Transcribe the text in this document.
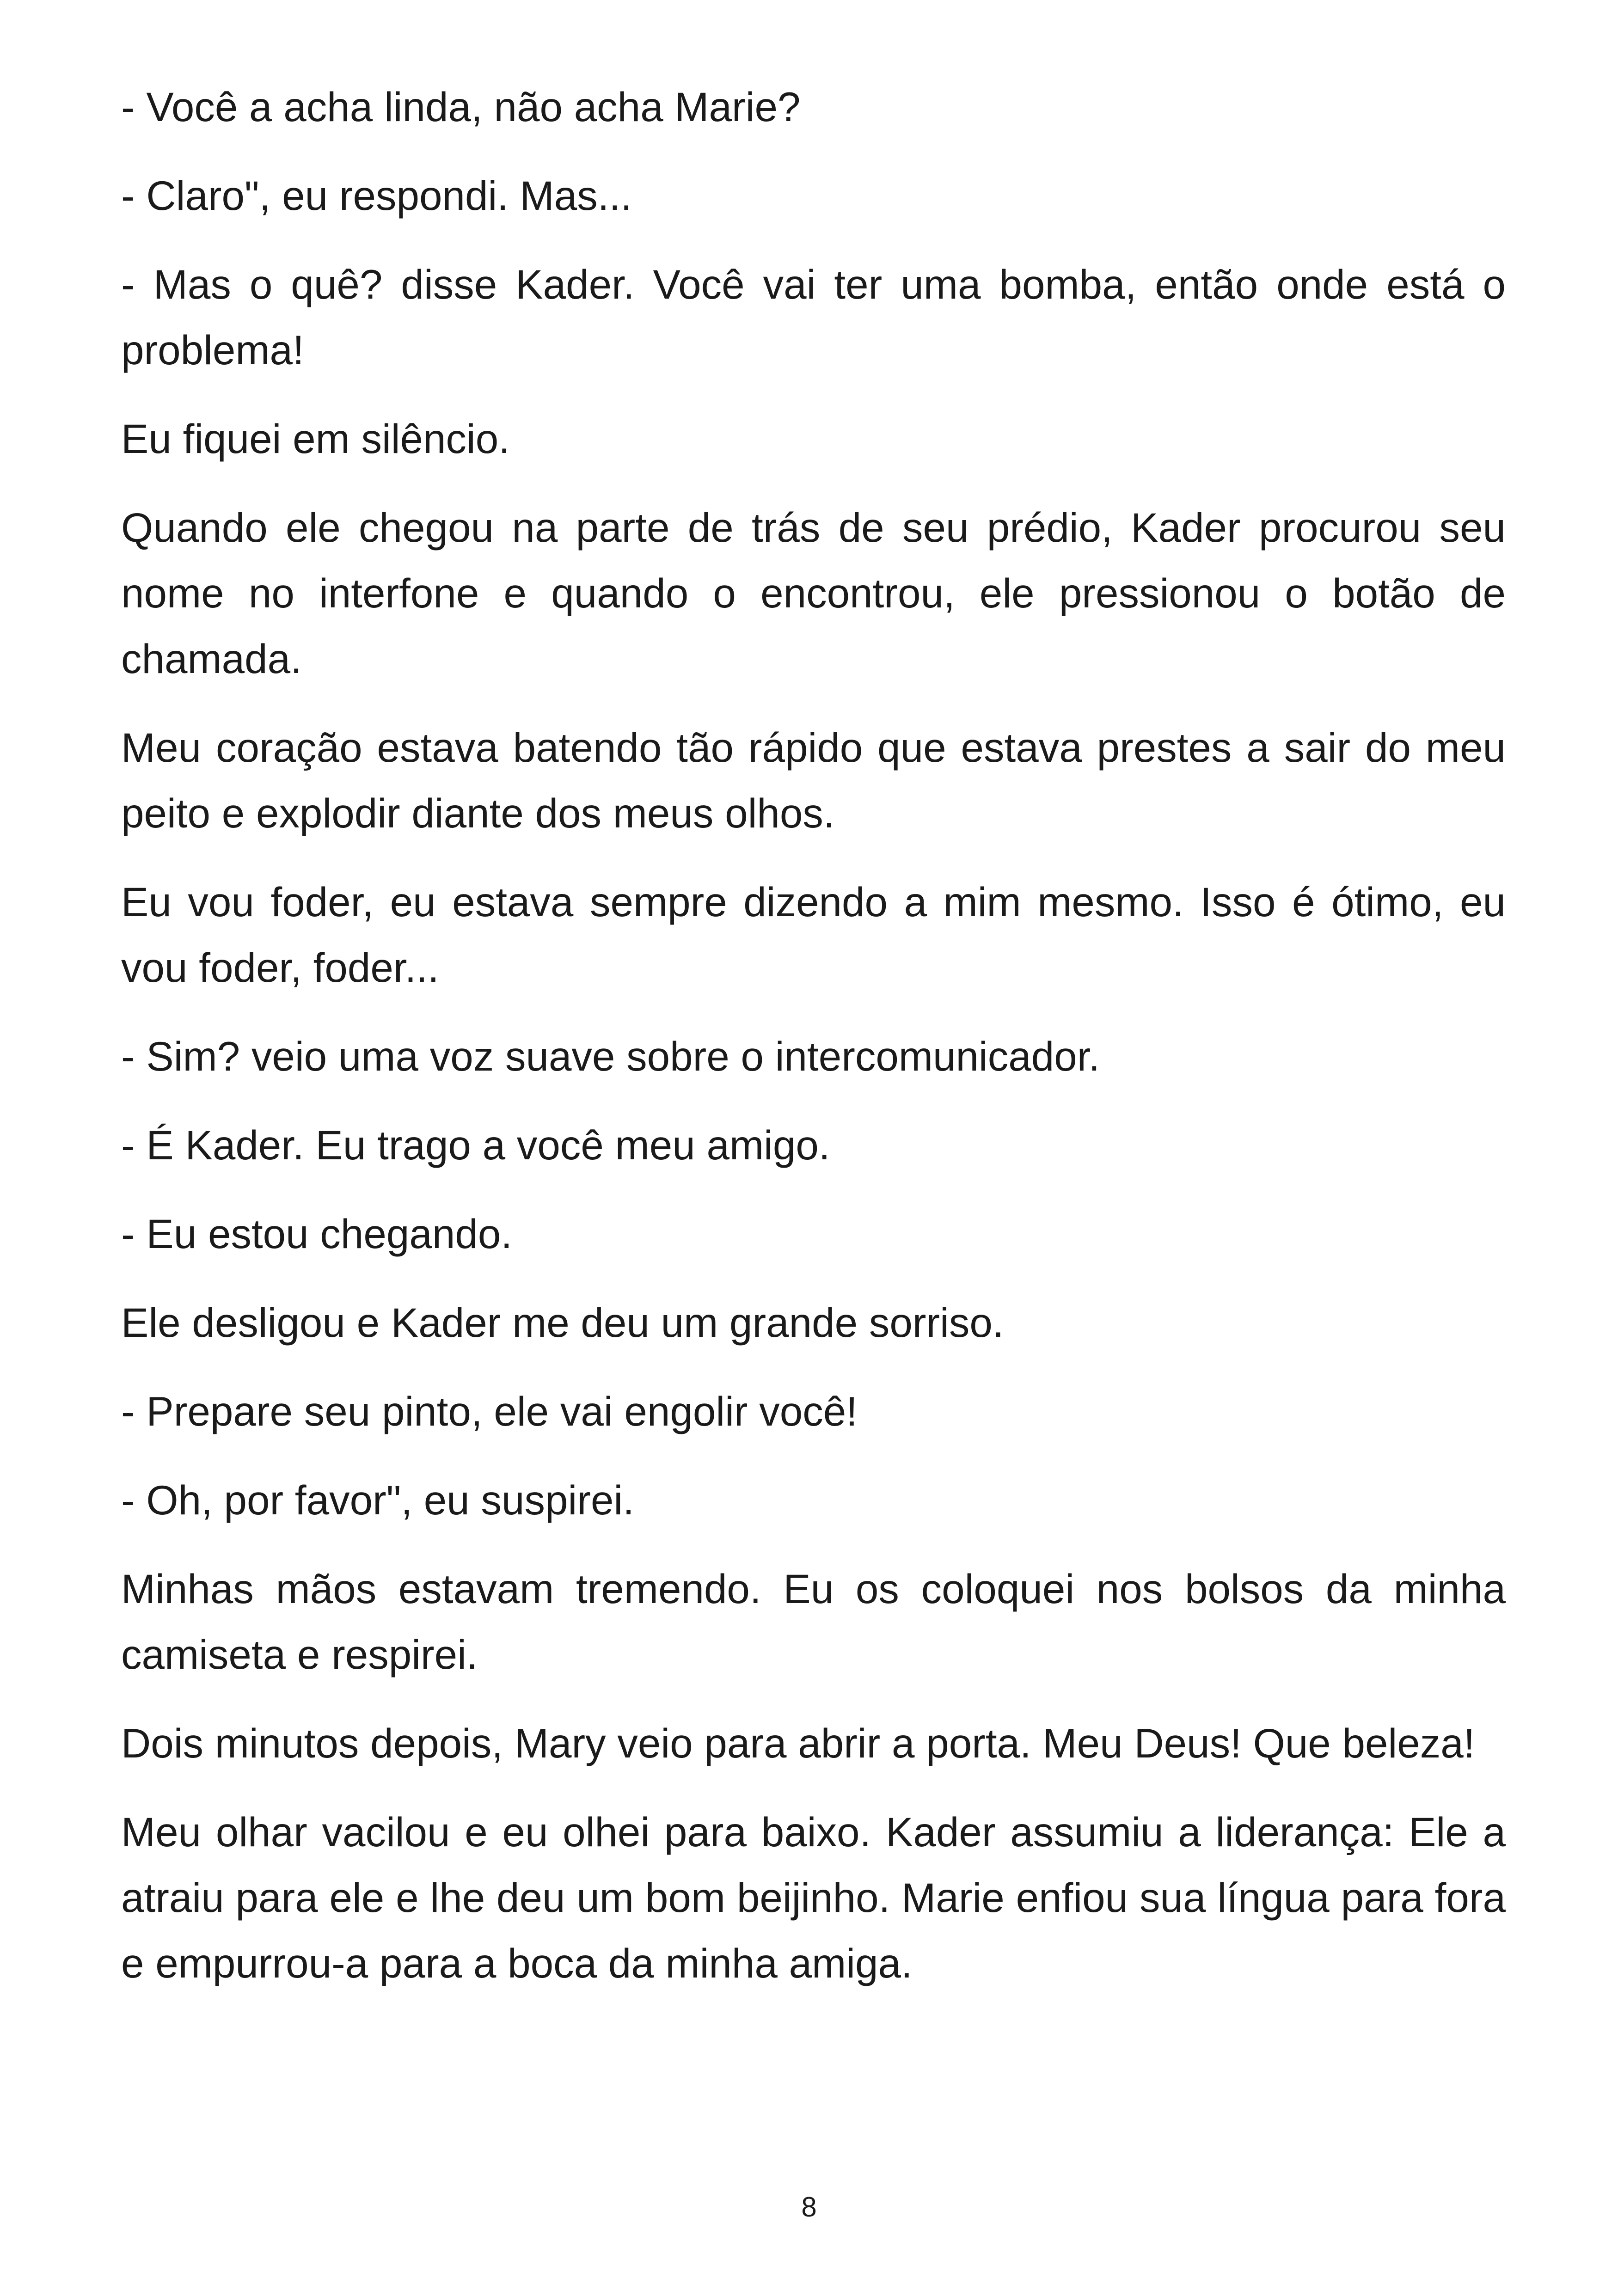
- Você a acha linda, não acha Marie?

- Claro", eu respondi. Mas...

- Mas o quê? disse Kader. Você vai ter uma bomba, então onde está o problema!

Eu fiquei em silêncio.

Quando ele chegou na parte de trás de seu prédio, Kader procurou seu nome no interfone e quando o encontrou, ele pressionou o botão de chamada.

Meu coração estava batendo tão rápido que estava prestes a sair do meu peito e explodir diante dos meus olhos.

Eu vou foder, eu estava sempre dizendo a mim mesmo. Isso é ótimo, eu vou foder, foder...

- Sim? veio uma voz suave sobre o intercomunicador.

- É Kader. Eu trago a você meu amigo.

- Eu estou chegando.

Ele desligou e Kader me deu um grande sorriso.

- Prepare seu pinto, ele vai engolir você!

- Oh, por favor", eu suspirei.

Minhas mãos estavam tremendo. Eu os coloquei nos bolsos da minha camiseta e respirei.

Dois minutos depois, Mary veio para abrir a porta. Meu Deus! Que beleza!

Meu olhar vacilou e eu olhei para baixo. Kader assumiu a liderança: Ele a atraiu para ele e lhe deu um bom beijinho. Marie enfiou sua língua para fora e empurrou-a para a boca da minha amiga.

8
